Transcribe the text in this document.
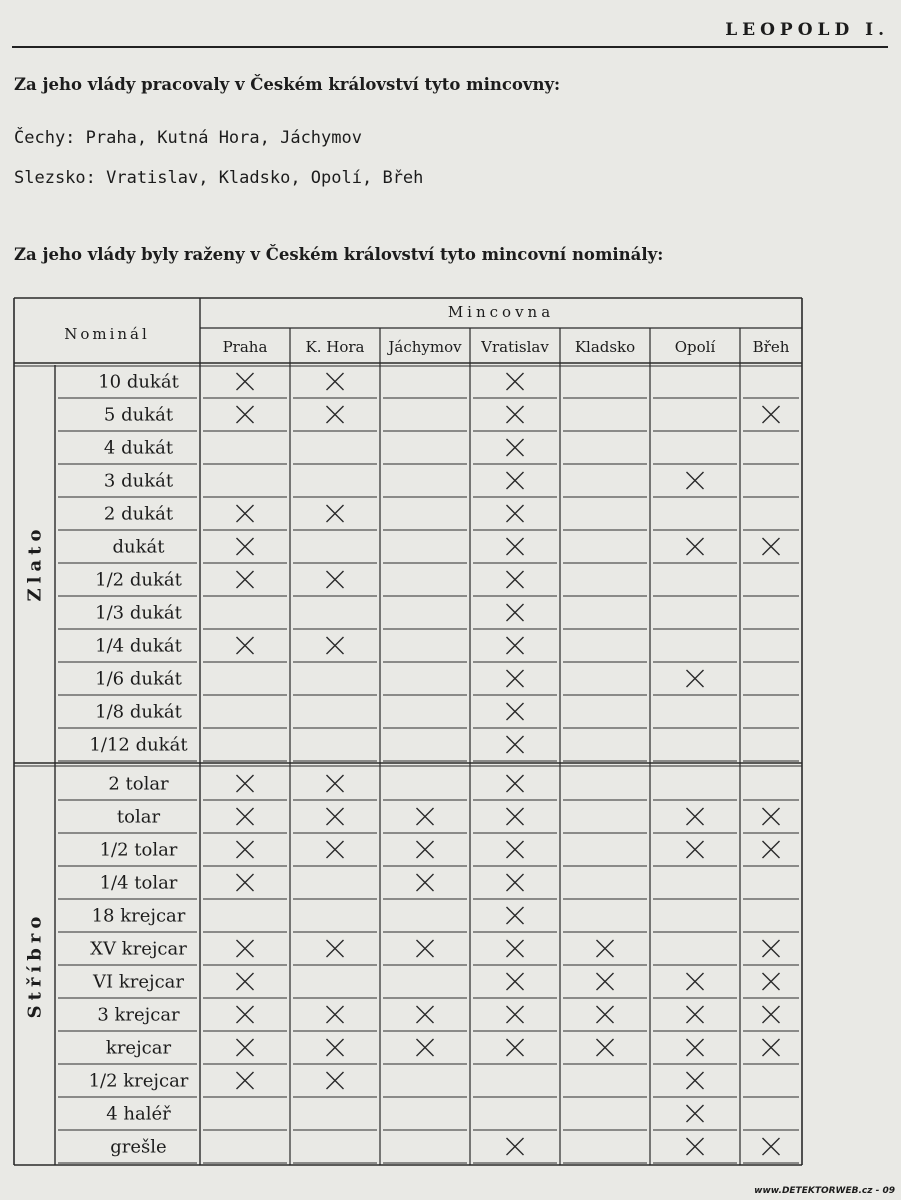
LEOPOLD I.
Za jeho vlády pracovaly v Českém království tyto mincovny:
Čechy: Praha, Kutná Hora, Jáchymov
Slezsko: Vratislav, Kladsko, Opolí, Břeh
Za jeho vlády byly raženy v Českém království tyto mincovní nominály:
Nominál
Mincovna
Praha	K. Hora Jáchymov Vratislav Kladsko	Opolí Břeh
10 dukát
5 dukát
4 dukát
3 dukát
2 dukát
dukát
1/2 dukát
1/3 dukát
1/4 dukát
1/6 dukát
1/8 dukát
1/12 dukát
2 tolar
tolar
1/2 tolar
1/4 tolar
18 krejcar
XV krejcar
VI krejcar
3 krejcar
krejcar
1/2 krejcar
4 haléř
grešle
Zlato
Stříbro
www.DETEKTORWEB.cz - 09
